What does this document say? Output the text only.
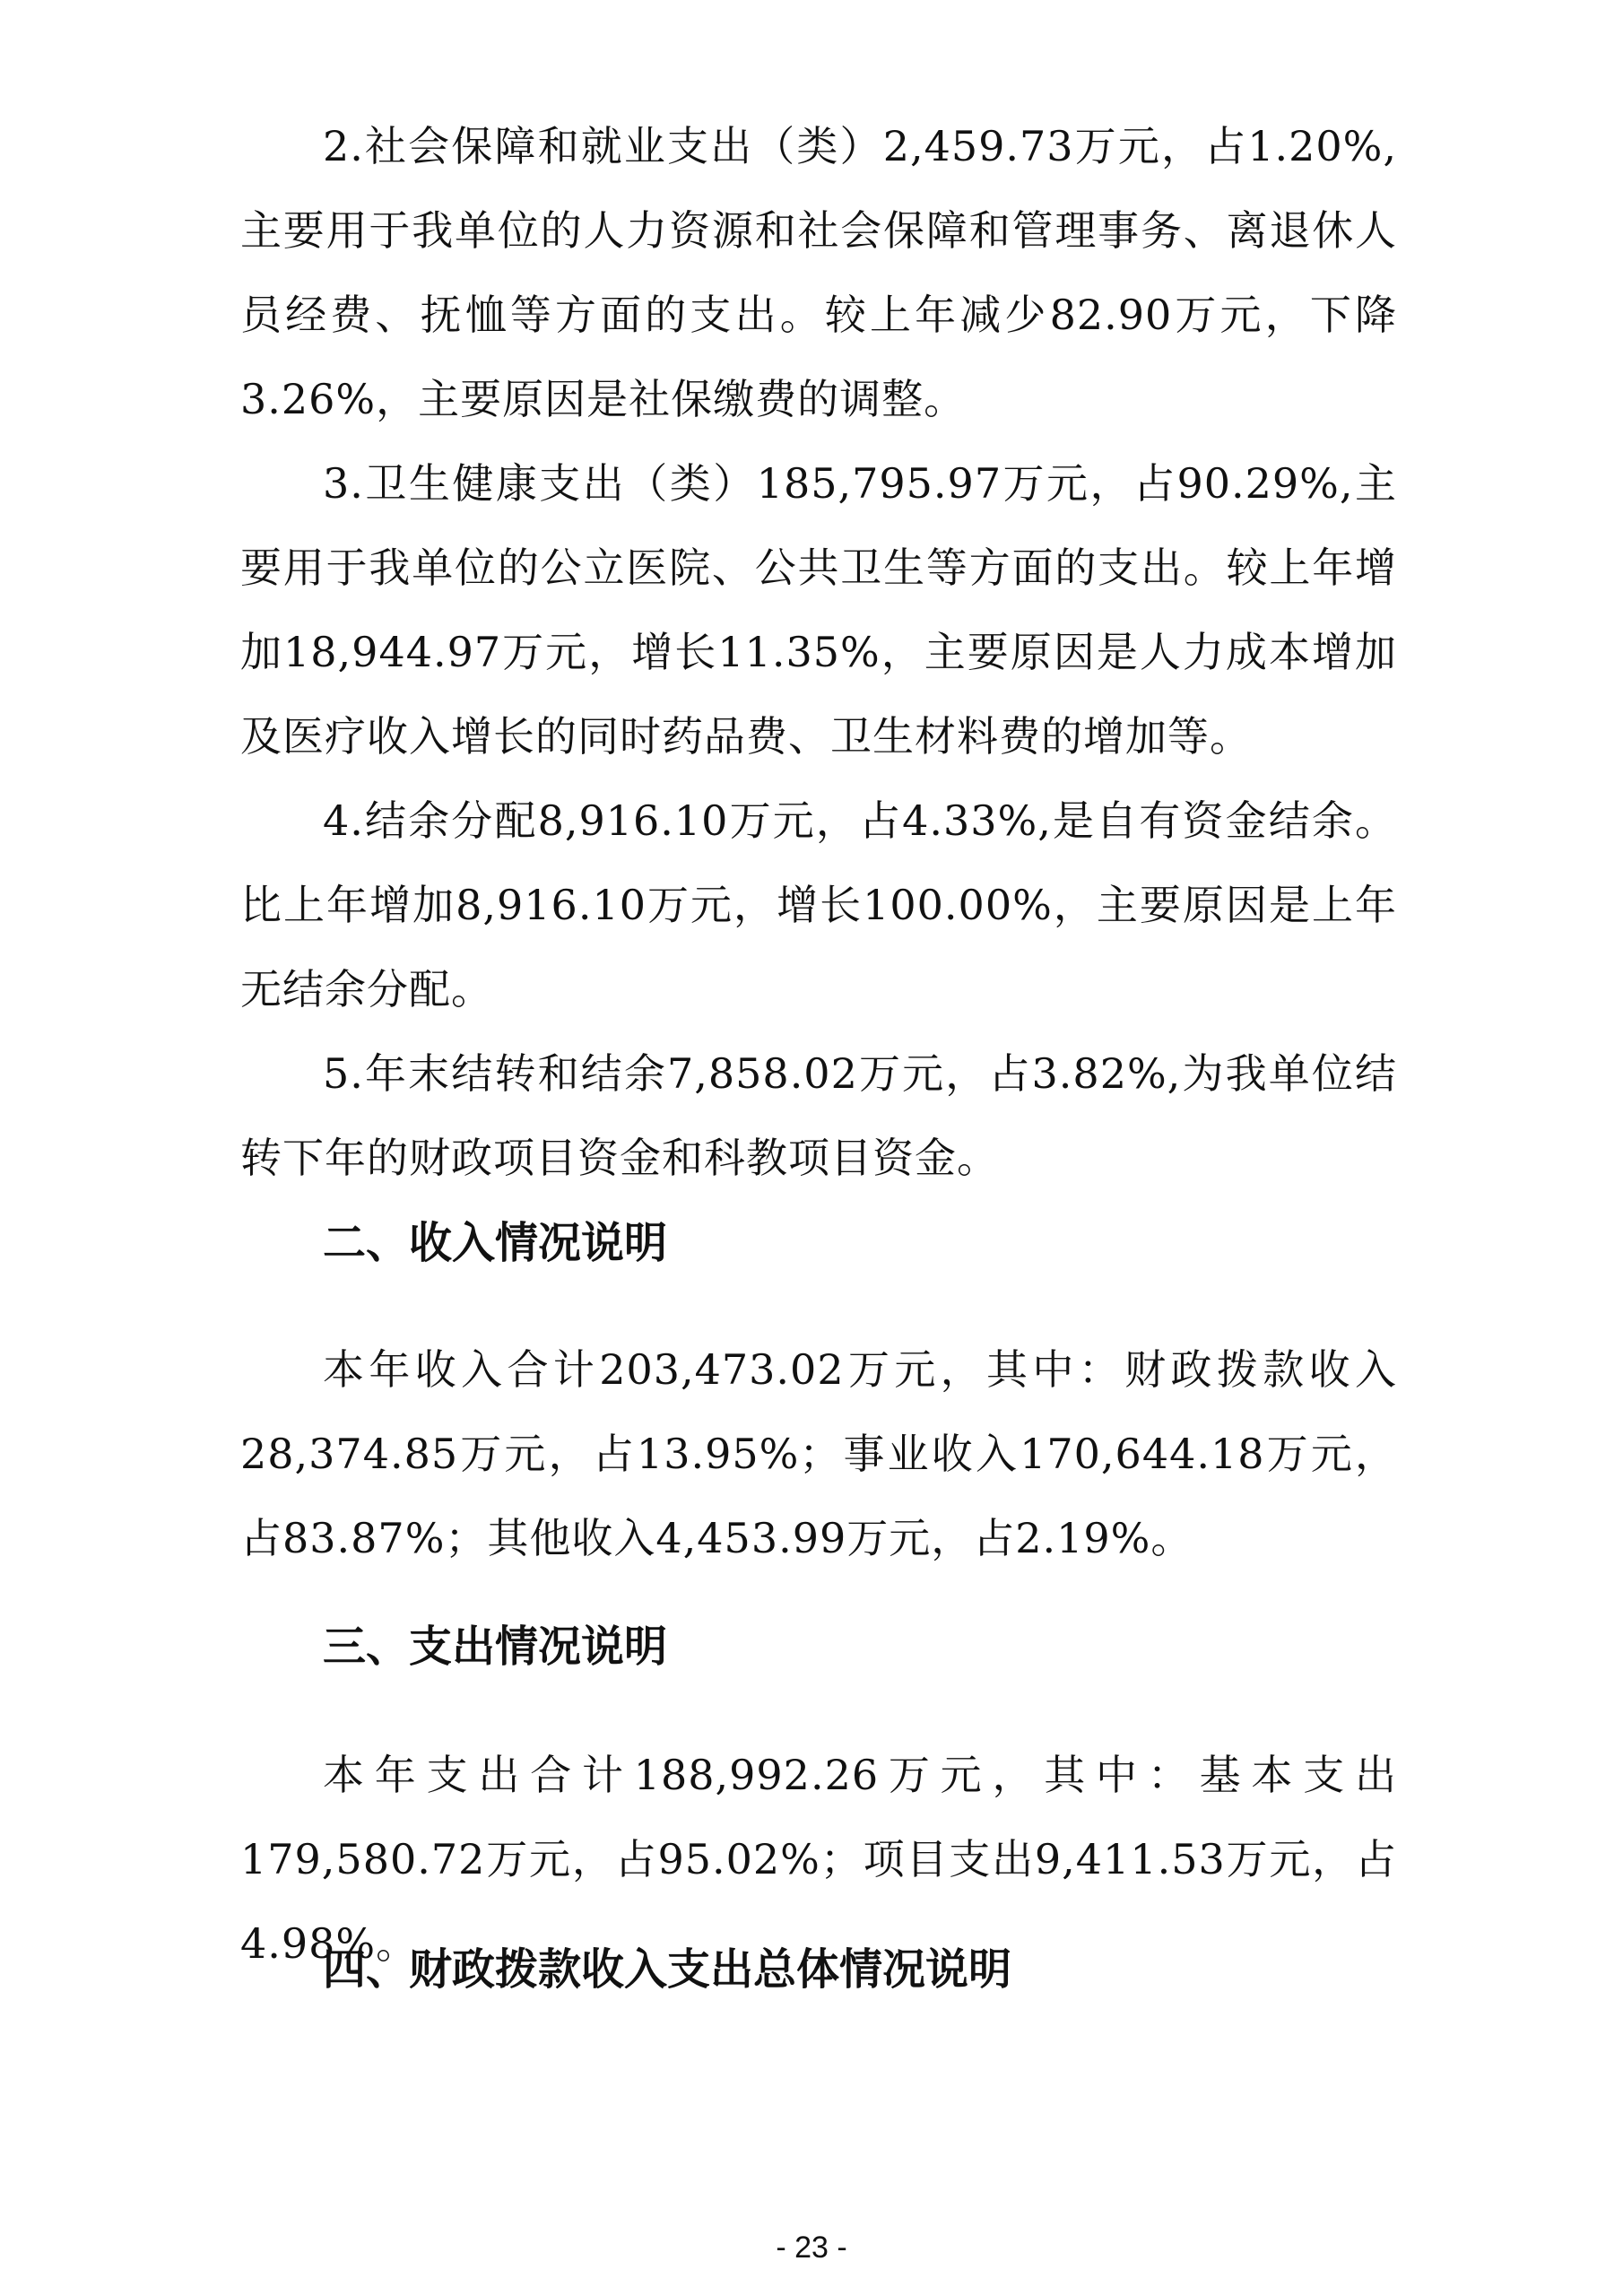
2.社会保障和就业支出（类）2,459.73万元，占1.20%,主要用于我单位的人力资源和社会保障和管理事务、离退休人员经费、抚恤等方面的支出。较上年减少82.90万元，下降3.26%，主要原因是社保缴费的调整。

3.卫生健康支出（类）185,795.97万元，占90.29%,主要用于我单位的公立医院、公共卫生等方面的支出。较上年增加18,944.97万元，增长11.35%，主要原因是人力成本增加及医疗收入增长的同时药品费、卫生材料费的增加等。

4.结余分配8,916.10万元，占4.33%,是自有资金结余。比上年增加8,916.10万元，增长100.00%，主要原因是上年无结余分配。

5.年末结转和结余7,858.02万元，占3.82%,为我单位结转下年的财政项目资金和科教项目资金。

二、收入情况说明

本年收入合计203,473.02万元，其中：财政拨款收入28,374.85万元，占13.95%；事业收入170,644.18万元，占83.87%；其他收入4,453.99万元，占2.19%。

三、支出情况说明

本年支出合计188,992.26万元，其中：基本支出179,580.72万元，占95.02%；项目支出9,411.53万元，占4.98%。

四、财政拨款收入支出总体情况说明
- 23 -
